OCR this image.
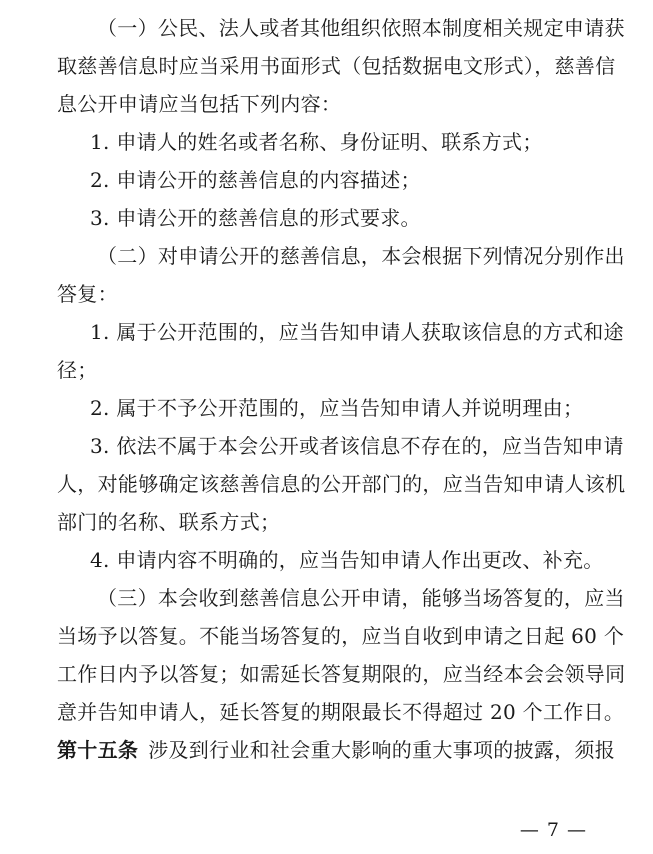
（一）公民、法人或者其他组织依照本制度相关规定申请获
取慈善信息时应当采用书面形式（包括数据电文形式），慈善信
息公开申请应当包括下列内容：
1. 申请人的姓名或者名称、身份证明、联系方式；
2. 申请公开的慈善信息的内容描述；
3. 申请公开的慈善信息的形式要求。
（二）对申请公开的慈善信息，本会根据下列情况分别作出
答复：
1. 属于公开范围的，应当告知申请人获取该信息的方式和途
径；
2. 属于不予公开范围的，应当告知申请人并说明理由；
3. 依法不属于本会公开或者该信息不存在的，应当告知申请
人，对能够确定该慈善信息的公开部门的，应当告知申请人该机
部门的名称、联系方式；
4. 申请内容不明确的，应当告知申请人作出更改、补充。
（三）本会收到慈善信息公开申请，能够当场答复的，应当
当场予以答复。不能当场答复的，应当自收到申请之日起 60 个
工作日内予以答复；如需延长答复期限的，应当经本会会领导同
意并告知申请人，延长答复的期限最长不得超过 20 个工作日。
第十五条 涉及到行业和社会重大影响的重大事项的披露，须报
— 7 —
